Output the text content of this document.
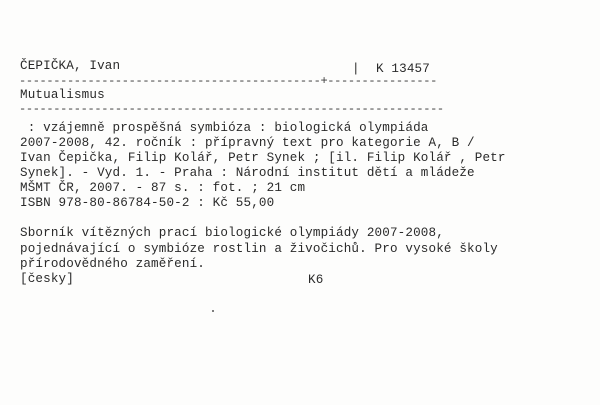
ČEPIČKA, Ivan	| K 13457
--------------------------------------------+----------------
Mutualismus
--------------------------------------------------------------
: vzájemně prospěšná symbióza : biologická olympiáda
2007-2008, 42. ročník : přípravný text pro kategorie A, B /
Ivan Čepička, Filip Kolář, Petr Synek ; [il. Filip Kolář , Petr
Synek]. - Vyd. 1. - Praha : Národní institut dětí a mládeže
MŠMT ČR, 2007. - 87 s. : fot. ; 21 cm
ISBN 978-80-86784-50-2 : Kč 55,00
Sborník vítězných prací biologické olympiády 2007-2008,
pojednávající o symbióze rostlin a živočichů. Pro vysoké školy
přírodovědného zaměření.
[česky]	K6
